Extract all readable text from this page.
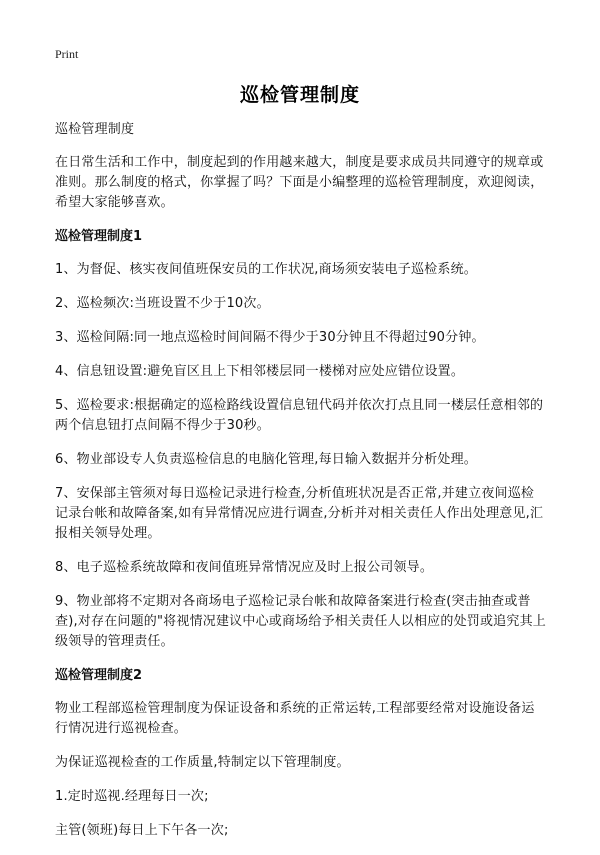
Print
巡检管理制度

巡检管理制度

在日常生活和工作中，制度起到的作用越来越大，制度是要求成员共同遵守的规章或准则。那么制度的格式，你掌握了吗？下面是小编整理的巡检管理制度，欢迎阅读，希望大家能够喜欢。

巡检管理制度1

1、为督促、核实夜间值班保安员的工作状况,商场须安装电子巡检系统。

2、巡检频次:当班设置不少于10次。

3、巡检间隔:同一地点巡检时间间隔不得少于30分钟且不得超过90分钟。

4、信息钮设置:避免盲区且上下相邻楼层同一楼梯对应处应错位设置。

5、巡检要求:根据确定的巡检路线设置信息钮代码并依次打点且同一楼层任意相邻的两个信息钮打点间隔不得少于30秒。

6、物业部设专人负责巡检信息的电脑化管理,每日输入数据并分析处理。

7、安保部主管须对每日巡检记录进行检查,分析值班状况是否正常,并建立夜间巡检记录台帐和故障备案,如有异常情况应进行调查,分析并对相关责任人作出处理意见,汇报相关领导处理。

8、电子巡检系统故障和夜间值班异常情况应及时上报公司领导。

9、物业部将不定期对各商场电子巡检记录台帐和故障备案进行检查(突击抽查或普查),对存在问题的"将视情况建议中心或商场给予相关责任人以相应的处罚或追究其上级领导的管理责任。

巡检管理制度2

物业工程部巡检管理制度为保证设备和系统的正常运转,工程部要经常对设施设备运行情况进行巡视检查。

为保证巡视检查的工作质量,特制定以下管理制度。

1.定时巡视.经理每日一次;

主管(领班)每日上下午各一次;
